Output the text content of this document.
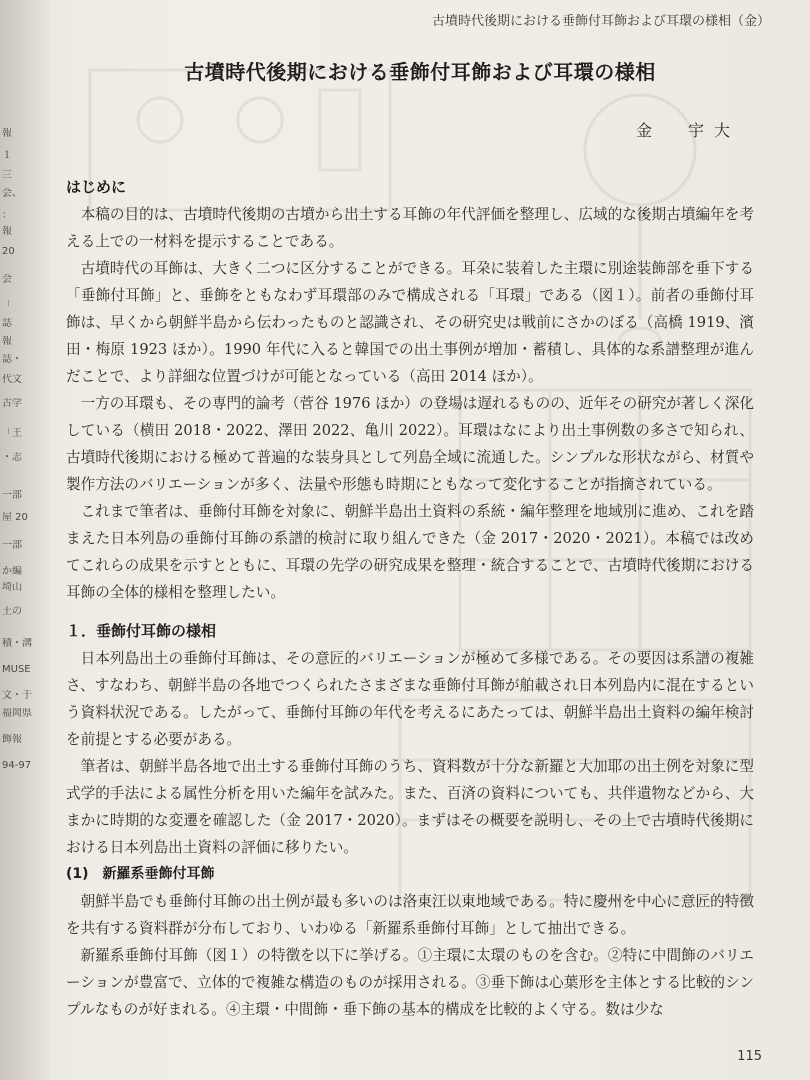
報
１
三
会、
：
報
20
会
「
誌
報
誌・
代文
古学
「王
・志
一部
屋 20
一部
か編
埼山
土の
積・溝
MUSE
文・于
福岡県
飾報
94-97
古墳時代後期における垂飾付耳飾および耳環の様相（金）
古墳時代後期における垂飾付耳飾および耳環の様相
金　宇大

はじめに

本稿の目的は、古墳時代後期の古墳から出土する耳飾の年代評価を整理し、広域的な後期古墳編年を考える上での一材料を提示することである。

古墳時代の耳飾は、大きく二つに区分することができる。耳朶に装着した主環に別途装飾部を垂下する「垂飾付耳飾」と、垂飾をともなわず耳環部のみで構成される「耳環」である（図１）。前者の垂飾付耳飾は、早くから朝鮮半島から伝わったものと認識され、その研究史は戦前にさかのぼる（高橋 1919、濱田・梅原 1923 ほか）。1990 年代に入ると韓国での出土事例が増加・蓄積し、具体的な系譜整理が進んだことで、より詳細な位置づけが可能となっている（高田 2014 ほか）。

一方の耳環も、その専門的論考（菅谷 1976 ほか）の登場は遅れるものの、近年その研究が著しく深化している（横田 2018・2022、澤田 2022、亀川 2022）。耳環はなにより出土事例数の多さで知られ、古墳時代後期における極めて普遍的な装身具として列島全域に流通した。シンプルな形状ながら、材質や製作方法のバリエーションが多く、法量や形態も時期にともなって変化することが指摘されている。

これまで筆者は、垂飾付耳飾を対象に、朝鮮半島出土資料の系統・編年整理を地域別に進め、これを踏まえた日本列島の垂飾付耳飾の系譜的検討に取り組んできた（金 2017・2020・2021）。本稿では改めてこれらの成果を示すとともに、耳環の先学の研究成果を整理・統合することで、古墳時代後期における耳飾の全体的様相を整理したい。

１．垂飾付耳飾の様相

日本列島出土の垂飾付耳飾は、その意匠的バリエーションが極めて多様である。その要因は系譜の複雑さ、すなわち、朝鮮半島の各地でつくられたさまざまな垂飾付耳飾が舶載され日本列島内に混在するという資料状況である。したがって、垂飾付耳飾の年代を考えるにあたっては、朝鮮半島出土資料の編年検討を前提とする必要がある。

筆者は、朝鮮半島各地で出土する垂飾付耳飾のうち、資料数が十分な新羅と大加耶の出土例を対象に型式学的手法による属性分析を用いた編年を試みた。また、百済の資料についても、共伴遺物などから、大まかに時期的な変遷を確認した（金 2017・2020）。まずはその概要を説明し、その上で古墳時代後期における日本列島出土資料の評価に移りたい。

(1)　新羅系垂飾付耳飾

朝鮮半島でも垂飾付耳飾の出土例が最も多いのは洛東江以東地域である。特に慶州を中心に意匠的特徴を共有する資料群が分布しており、いわゆる「新羅系垂飾付耳飾」として抽出できる。

新羅系垂飾付耳飾（図１）の特徴を以下に挙げる。①主環に太環のものを含む。②特に中間飾のバリエーションが豊富で、立体的で複雑な構造のものが採用される。③垂下飾は心葉形を主体とする比較的シンプルなものが好まれる。④主環・中間飾・垂下飾の基本的構成を比較的よく守る。数は少な

115
